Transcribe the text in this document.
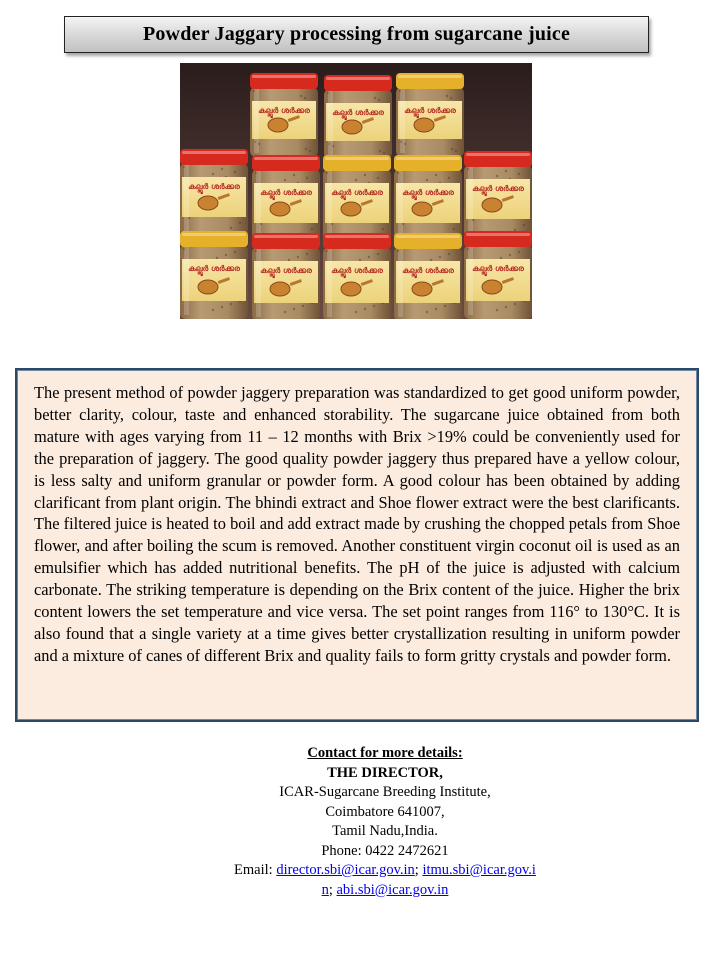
Powder Jaggary processing from sugarcane juice
കല്ലൂർ ശർക്കര	കല്ലൂർ ശർക്കര	കല്ലൂർ ശർക്കര
കല്ലൂർ ശർക്കര
കല്ലൂർ ശർക്കര കല്ലൂർ ശർക്കര കല്ലൂർ ശർക്കര കല്ലൂർ ശർക്കര
കല്ലൂർ ശർക്കര	കല്ലൂർ ശർക്കര കല്ലൂർ ശർക്കര കല്ലൂർ ശർക്കര കല്ലൂർ ശർക്കര

The present method of powder jaggery preparation was standardized to get good uniform powder, better clarity, colour, taste and enhanced storability. The sugarcane juice obtained from both mature with ages varying from 11 – 12 months with Brix >19% could be conveniently used for the preparation of jaggery. The good quality powder jaggery thus prepared have a yellow colour, is less salty and uniform granular or powder form. A good colour has been obtained by adding clarificant from plant origin. The bhindi extract and Shoe flower extract were the best clarificants. The filtered juice is heated to boil and add extract made by crushing the chopped petals from Shoe flower, and after boiling the scum is removed. Another constituent virgin coconut oil is used as an emulsifier which has added nutritional benefits. The pH of the juice is adjusted with calcium carbonate. The striking temperature is depending on the Brix content of the juice. Higher the brix content lowers the set temperature and vice versa. The set point ranges from 116° to 130°C. It is also found that a single variety at a time gives better crystallization resulting in uniform powder and a mixture of canes of different Brix and quality fails to form gritty crystals and powder form.

Contact for more details:
THE DIRECTOR,
ICAR-Sugarcane Breeding Institute,
Coimbatore 641007,
Tamil Nadu,India.
Phone: 0422 2472621
Email: director.sbi@icar.gov.in; itmu.sbi@icar.gov.i
n; abi.sbi@icar.gov.in
